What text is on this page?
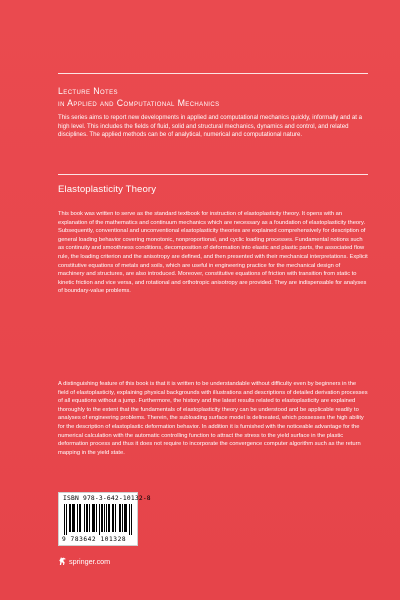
Lecture Notes
in Applied and Computational Mechanics
This series aims to report new developments in applied and computational mechanics quickly, informally and at a high level. This includes the fields of fluid, solid and structural mechanics, dynamics and control, and related disciplines. The applied methods can be of analytical, numerical and computational nature.
Elastoplasticity Theory
This book was written to serve as the standard textbook for instruction of elastoplasticity theory. It opens with an explanation of the mathematics and continuum mechanics which are necessary as a foundation of elastoplasticity theory. Subsequently, conventional and unconventional elastoplasticity theories are explained comprehensively for description of general loading behavior covering monotonic, nonproportional, and cyclic loading processes. Fundamental notions such as continuity and smoothness conditions, decomposition of deformation into elastic and plastic parts, the associated flow rule, the loading criterion and the anisotropy are defined, and then presented with their mechanical interpretations. Explicit constitutive equations of metals and soils, which are useful in engineering practice for the mechanical design of machinery and structures, are also introduced. Moreover, constitutive equations of friction with transition from static to kinetic friction and vice versa, and rotational and orthotropic anisotropy are provided. They are indispensable for analyses of boundary-value problems.
A distinguishing feature of this book is that it is written to be understandable without difficulty even by beginners in the field of elastoplasticity, explaining physical backgrounds with illustrations and descriptions of detailed derivation processes of all equations without a jump. Furthermore, the history and the latest results related to elastoplasticity are explained thoroughly to the extent that the fundamentals of elastoplasticity theory can be understood and be applicable readily to analyses of engineering problems. Therein, the subloading surface model is delineated, which possesses the high ability for the description of elastoplastic deformation behavior. In addition it is furnished with the noticeable advantage for the numerical calculation with the automatic controlling function to attract the stress to the yield surface in the plastic deformation process and thus it does not require to incorporate the convergence computer algorithm such as the return mapping in the yield state.
ISBN 978-3-642-10132-8
9 783642 101328
springer.com
